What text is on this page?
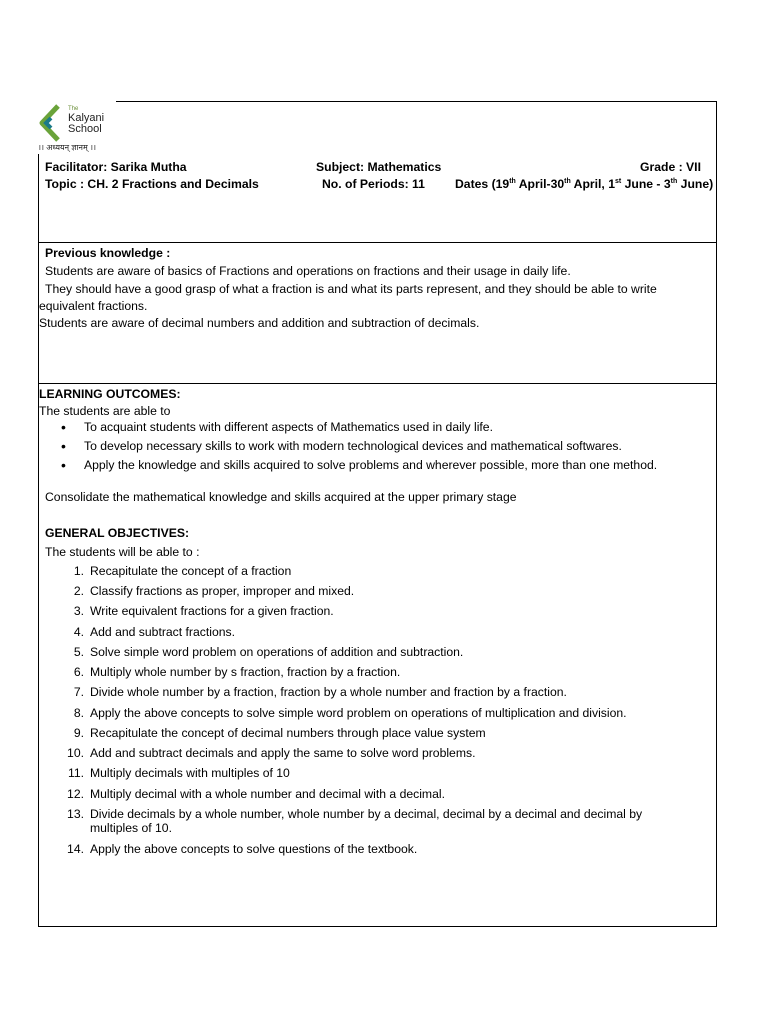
The
Kalyani
School
।। अध्ययन् ज्ञानम् ।।
Facilitator: Sarika Mutha	Subject: Mathematics	Grade : VII
Topic : CH. 2 Fractions and Decimals	No. of Periods: 11 Dates (19th April-30th April, 1st June - 3th June)
Previous knowledge :
Students are aware of basics of Fractions and operations on fractions and their usage in daily life.
They should have a good grasp of what a fraction is and what its parts represent, and they should be able to write
equivalent fractions.
Students are aware of decimal numbers and addition and subtraction of decimals.
LEARNING OUTCOMES:
The students are able to
• To acquaint students with different aspects of Mathematics used in daily life.
• To develop necessary skills to work with modern technological devices and mathematical softwares.
• Apply the knowledge and skills acquired to solve problems and wherever possible, more than one method.
Consolidate the mathematical knowledge and skills acquired at the upper primary stage
GENERAL OBJECTIVES:
The students will be able to :
1. Recapitulate the concept of a fraction
2. Classify fractions as proper, improper and mixed.
3. Write equivalent fractions for a given fraction.
4. Add and subtract fractions.
5. Solve simple word problem on operations of addition and subtraction.
6. Multiply whole number by s fraction, fraction by a fraction.
7. Divide whole number by a fraction, fraction by a whole number and fraction by a fraction.
8. Apply the above concepts to solve simple word problem on operations of multiplication and division.
9. Recapitulate the concept of decimal numbers through place value system
10. Add and subtract decimals and apply the same to solve word problems.
11. Multiply decimals with multiples of 10
12. Multiply decimal with a whole number and decimal with a decimal.
13. Divide decimals by a whole number, whole number by a decimal, decimal by a decimal and decimal by multiples of 10.
14. Apply the above concepts to solve questions of the textbook.
